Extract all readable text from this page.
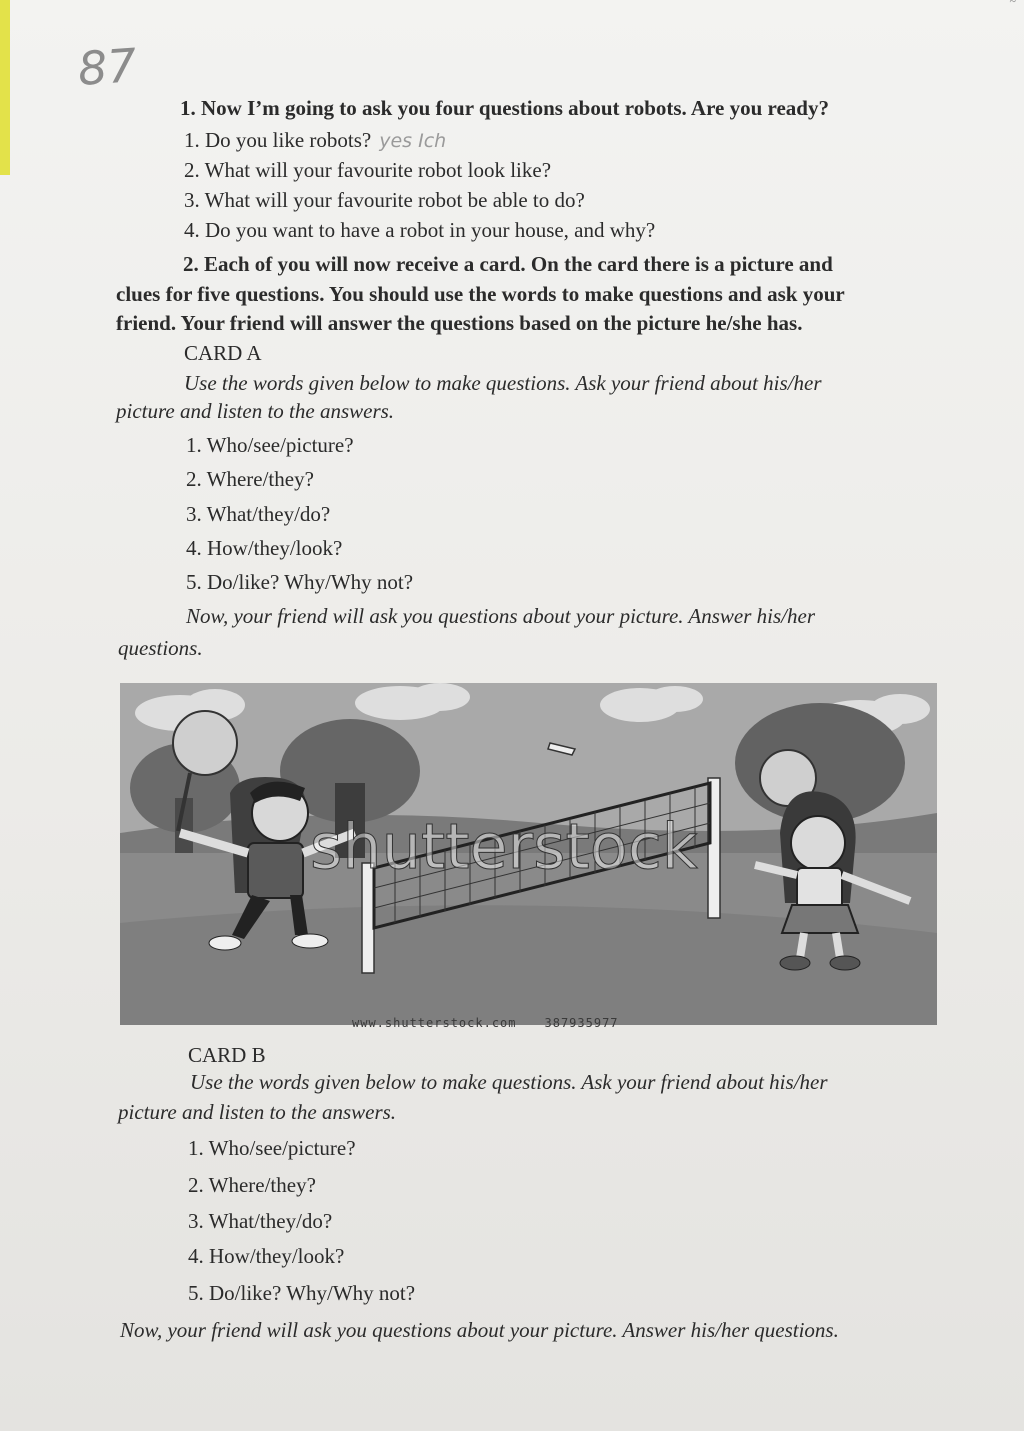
~
87
1. Now I’m going to ask you four questions about robots. Are you ready?
1. Do you like robots? yes Ich
2. What will your favourite robot look like?
3. What will your favourite robot be able to do?
4. Do you want to have a robot in your house, and why?
2. Each of you will now receive a card. On the card there is a picture and
clues for five questions. You should use the words to make questions and ask your
friend. Your friend will answer the questions based on the picture he/she has.
CARD A
Use the words given below to make questions. Ask your friend about his/her
picture and listen to the answers.
1. Who/see/picture?
2. Where/they?
3. What/they/do?
4. How/they/look?
5. Do/like? Why/Why not?
Now, your friend will ask you questions about your picture. Answer his/her
questions.
shutterstock
www.shutterstock.com 387935977
CARD B
Use the words given below to make questions. Ask your friend about his/her
picture and listen to the answers.
1. Who/see/picture?
2. Where/they?
3. What/they/do?
4. How/they/look?
5. Do/like? Why/Why not?
Now, your friend will ask you questions about your picture. Answer his/her questions.
